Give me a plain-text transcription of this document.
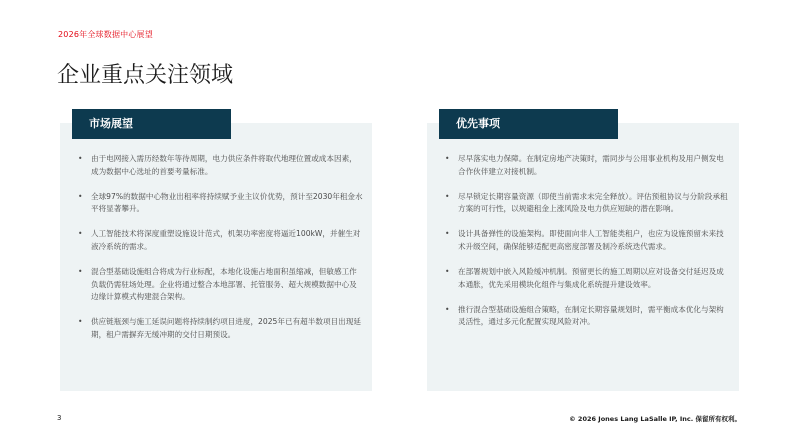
2026年全球数据中心展望
企业重点关注领域
市场展望
• 由于电网接入需历经数年等待周期，电力供应条件将取代地理位置或成本因素，成为数据中心选址的首要考量标准。
• 全球97%的数据中心物业出租率将持续赋予业主议价优势，预计至2030年租金水平将显著攀升。
• 人工智能技术将深度重塑设施设计范式，机架功率密度将逼近100kW，并催生对液冷系统的需求。
• 混合型基础设施组合将成为行业标配，本地化设施占地面积虽缩减，但敏感工作负载仍需驻场处理。企业将通过整合本地部署、托管服务、超大规模数据中心及边缘计算模式构建混合架构。
• 供应链瓶颈与施工延误问题将持续制约项目进度，2025年已有超半数项目出现延期，租户需摒弃无缓冲期的交付日期预设。
优先事项
• 尽早落实电力保障。在制定房地产决策时，需同步与公用事业机构及用户侧发电合作伙伴建立对接机制。
• 尽早锁定长期容量资源（即使当前需求未完全释放）。评估预租协议与分阶段承租方案的可行性，以规避租金上涨风险及电力供应短缺的潜在影响。
• 设计具备弹性的设施架构。即使面向非人工智能类租户，也应为设施预留未来技术升级空间，确保能够适配更高密度部署及制冷系统迭代需求。
• 在部署规划中嵌入风险缓冲机制。预留更长的施工周期以应对设备交付延迟及成本通胀，优先采用模块化组件与集成化系统提升建设效率。
• 推行混合型基础设施组合策略，在制定长期容量规划时，需平衡成本优化与架构灵活性，通过多元化配置实现风险对冲。
3	© 2026 Jones Lang LaSalle IP, Inc. 保留所有权利。
